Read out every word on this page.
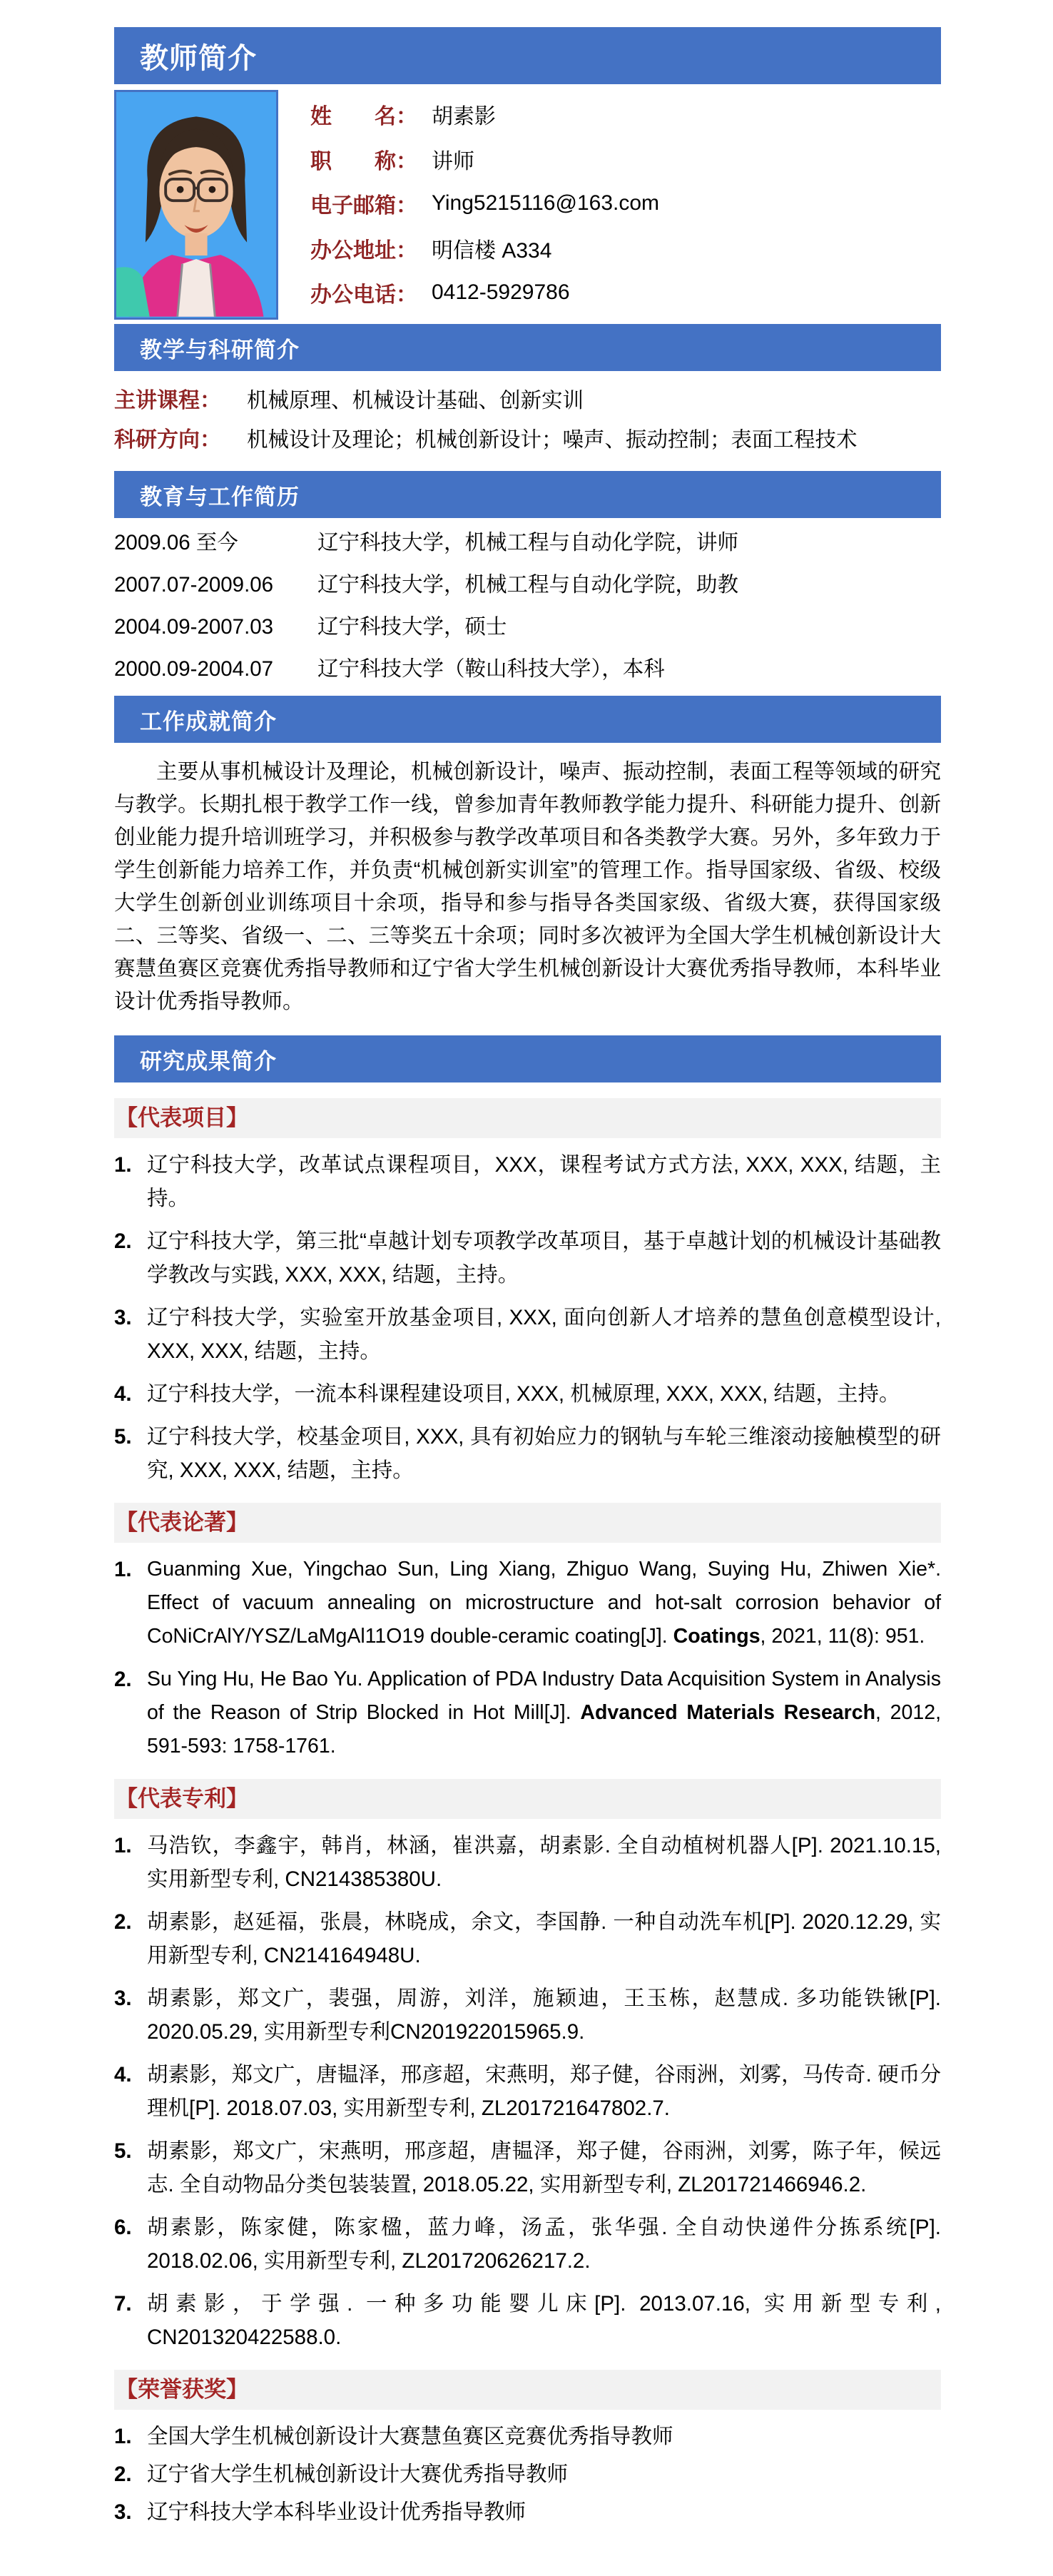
教师简介
姓　　名： 胡素影
职　　称： 讲师
电子邮箱： Ying5215116@163.com
办公地址： 明信楼 A334
办公电话： 0412-5929786
教学与科研简介
主讲课程：	机械原理、机械设计基础、创新实训
科研方向：	机械设计及理论；机械创新设计；噪声、振动控制；表面工程技术
教育与工作简历
2009.06 至今	辽宁科技大学，机械工程与自动化学院，讲师
2007.07-2009.06	辽宁科技大学，机械工程与自动化学院，助教
2004.09-2007.03	辽宁科技大学，硕士
2000.09-2004.07	辽宁科技大学（鞍山科技大学），本科
工作成就简介

主要从事机械设计及理论，机械创新设计，噪声、振动控制，表面工程等领域的研究与教学。长期扎根于教学工作一线，曾参加青年教师教学能力提升、科研能力提升、创新创业能力提升培训班学习，并积极参与教学改革项目和各类教学大赛。另外，多年致力于学生创新能力培养工作，并负责“机械创新实训室”的管理工作。指导国家级、省级、校级大学生创新创业训练项目十余项，指导和参与指导各类国家级、省级大赛，获得国家级二、三等奖、省级一、二、三等奖五十余项；同时多次被评为全国大学生机械创新设计大赛慧鱼赛区竞赛优秀指导教师和辽宁省大学生机械创新设计大赛优秀指导教师，本科毕业设计优秀指导教师。

研究成果简介
【代表项目】
1. 辽宁科技大学，改革试点课程项目，XXX，课程考试方式方法, XXX, XXX, 结题，主持。
2. 辽宁科技大学，第三批“卓越计划专项教学改革项目，基于卓越计划的机械设计基础教学教改与实践, XXX, XXX, 结题，主持。
3. 辽宁科技大学，实验室开放基金项目, XXX, 面向创新人才培养的慧鱼创意模型设计, XXX, XXX, 结题，主持。
4. 辽宁科技大学，一流本科课程建设项目, XXX, 机械原理, XXX, XXX, 结题，主持。
5. 辽宁科技大学，校基金项目, XXX, 具有初始应力的钢轨与车轮三维滚动接触模型的研究, XXX, XXX, 结题，主持。
【代表论著】
1. Guanming Xue, Yingchao Sun, Ling Xiang, Zhiguo Wang, Suying Hu, Zhiwen Xie*. Effect of vacuum annealing on microstructure and hot-salt corrosion behavior of CoNiCrAlY/YSZ/LaMgAl11O19 double-ceramic coating[J]. Coatings, 2021, 11(8): 951.
2. Su Ying Hu, He Bao Yu. Application of PDA Industry Data Acquisition System in Analysis of the Reason of Strip Blocked in Hot Mill[J]. Advanced Materials Research, 2012, 591-593: 1758-1761.
【代表专利】
1. 马浩钦，李鑫宇，韩肖，林涵，崔洪嘉，胡素影. 全自动植树机器人[P]. 2021.10.15, 实用新型专利, CN214385380U.
2. 胡素影，赵延福，张晨，林晓成，余文，李国静. 一种自动洗车机[P]. 2020.12.29, 实用新型专利, CN214164948U.
3. 胡素影，郑文广，裴强，周游，刘洋，施颖迪，王玉栋，赵慧成. 多功能铁锹[P]. 2020.05.29, 实用新型专利CN201922015965.9.
4. 胡素影，郑文广，唐韫泽，邢彦超，宋燕明，郑子健，谷雨洲，刘雾，马传奇. 硬币分理机[P]. 2018.07.03, 实用新型专利, ZL201721647802.7.
5. 胡素影，郑文广，宋燕明，邢彦超，唐韫泽，郑子健，谷雨洲，刘雾，陈子年，候远志. 全自动物品分类包装装置, 2018.05.22, 实用新型专利, ZL201721466946.2.
6. 胡素影，陈家健，陈家楹，蓝力峰，汤孟，张华强. 全自动快递件分拣系统[P]. 2018.02.06, 实用新型专利, ZL201720626217.2.
7. 胡素影，于学强. 一种多功能婴儿床[P]. 2013.07.16, 实用新型专利, CN201320422588.0.
【荣誉获奖】
1. 全国大学生机械创新设计大赛慧鱼赛区竞赛优秀指导教师
2. 辽宁省大学生机械创新设计大赛优秀指导教师
3. 辽宁科技大学本科毕业设计优秀指导教师
